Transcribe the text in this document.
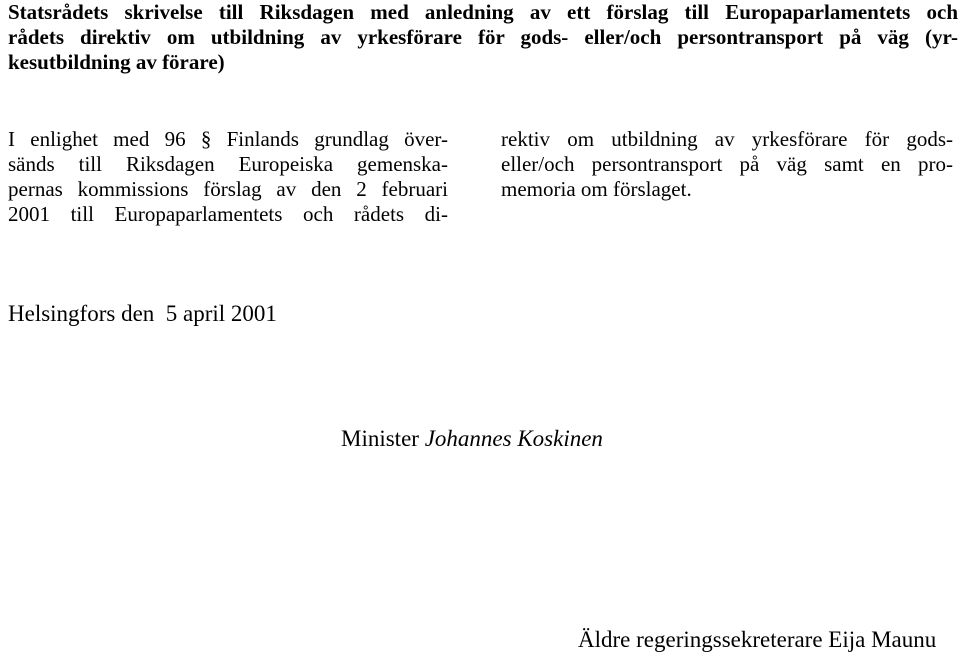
Statsrådets skrivelse till Riksdagen med anledning av ett förslag till Europaparlamentets och
rådets direktiv om utbildning av yrkesförare för gods- eller/och persontransport på väg (yr-
kesutbildning av förare)

I enlighet med 96 § Finlands grundlag över-
sänds till Riksdagen Europeiska gemenska-
pernas kommissions förslag av den 2 februari
2001 till Europaparlamentets och rådets di-

rektiv om utbildning av yrkesförare för gods-
eller/och persontransport på väg samt en pro-
memoria om förslaget.

Helsingfors den  5 april 2001

Minister Johannes Koskinen

Äldre regeringssekreterare Eija Maunu
